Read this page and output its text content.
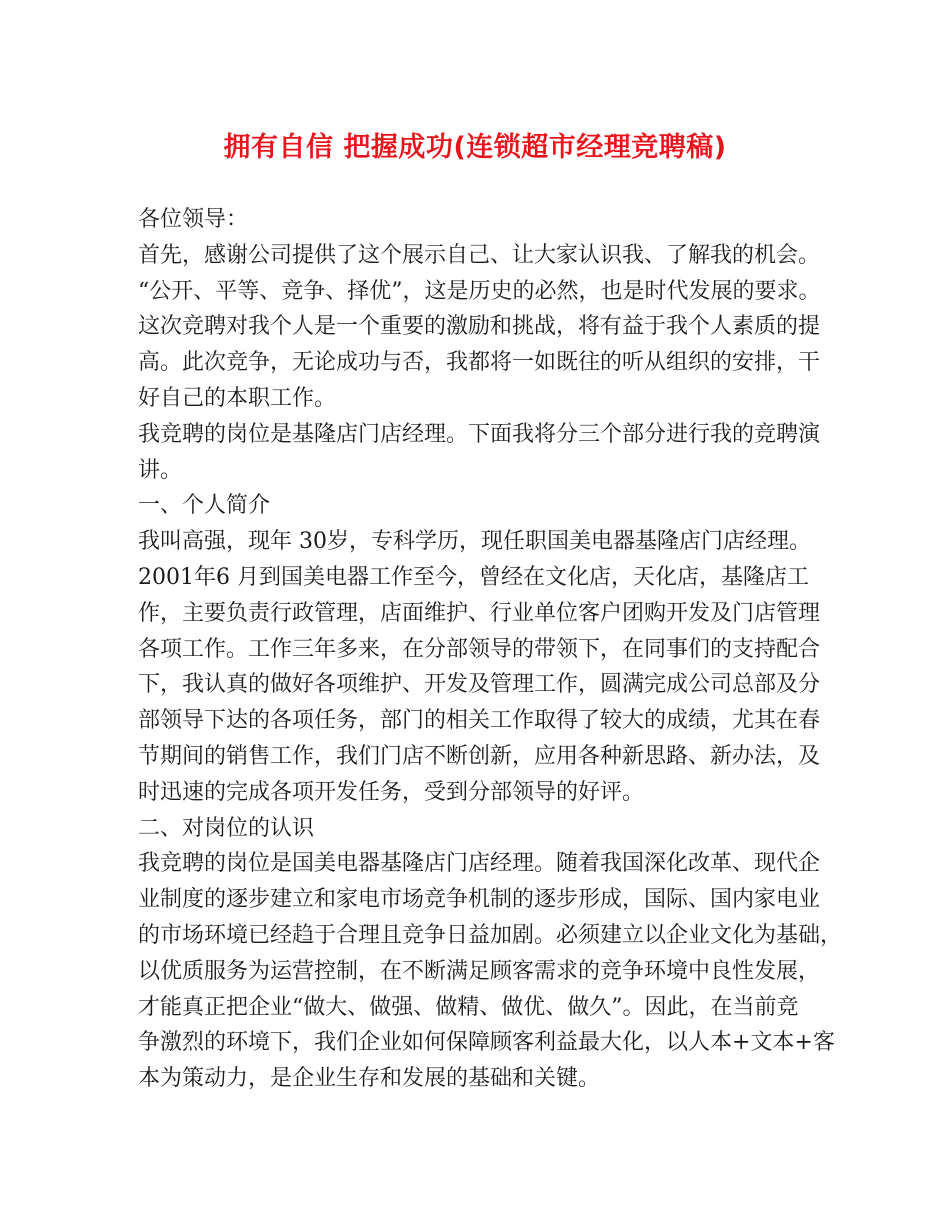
拥有自信 把握成功(连锁超市经理竞聘稿)
各位领导：
首先，感谢公司提供了这个展示自己、让大家认识我、了解我的机会。
“公开、平等、竞争、择优”，这是历史的必然，也是时代发展的要求。
这次竞聘对我个人是一个重要的激励和挑战，将有益于我个人素质的提
高。此次竞争，无论成功与否，我都将一如既往的听从组织的安排，干
好自己的本职工作。
我竞聘的岗位是基隆店门店经理。下面我将分三个部分进行我的竞聘演
讲。
一、个人简介
我叫高强，现年 30岁，专科学历，现任职国美电器基隆店门店经理。
2001年6 月到国美电器工作至今，曾经在文化店，天化店，基隆店工
作，主要负责行政管理，店面维护、行业单位客户团购开发及门店管理
各项工作。工作三年多来，在分部领导的带领下，在同事们的支持配合
下，我认真的做好各项维护、开发及管理工作，圆满完成公司总部及分
部领导下达的各项任务，部门的相关工作取得了较大的成绩，尤其在春
节期间的销售工作，我们门店不断创新，应用各种新思路、新办法，及
时迅速的完成各项开发任务，受到分部领导的好评。
二、对岗位的认识
我竞聘的岗位是国美电器基隆店门店经理。随着我国深化改革、现代企
业制度的逐步建立和家电市场竞争机制的逐步形成，国际、国内家电业
的市场环境已经趋于合理且竞争日益加剧。必须建立以企业文化为基础，
以优质服务为运营控制，在不断满足顾客需求的竞争环境中良性发展，
才能真正把企业“做大、做强、做精、做优、做久”。因此，在当前竞
争激烈的环境下，我们企业如何保障顾客利益最大化，以人本+文本+客
本为策动力，是企业生存和发展的基础和关键。
